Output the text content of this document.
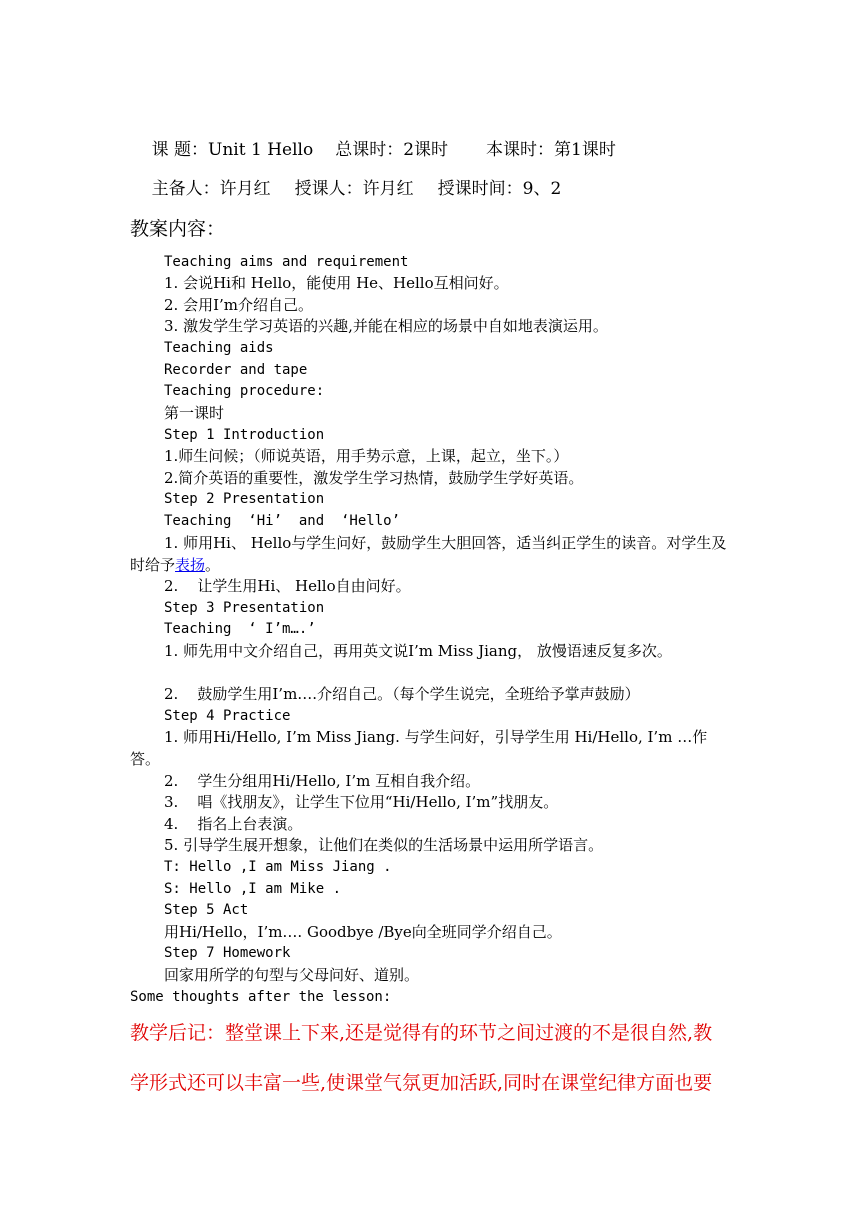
课 题：Unit 1 Hello 总课时：2课时 本课时：第1课时

主备人：许月红 授课人：许月红 授课时间：9、2

教案内容：
Teaching aims and requirement
1. 会说Hi和 Hello，能使用 He、Hello互相问好。
2. 会用I’m介绍自己。
3. 激发学生学习英语的兴趣,并能在相应的场景中自如地表演运用。
Teaching aids
Recorder and tape
Teaching procedure:
第一课时
Step 1 Introduction
1.师生问候；（师说英语，用手势示意，上课，起立，坐下。）
2.简介英语的重要性，激发学生学习热情，鼓励学生学好英语。
Step 2 Presentation
Teaching  ‘Hi’  and  ‘Hello’
1. 师用Hi、 Hello与学生问好，鼓励学生大胆回答，适当纠正学生的读音。对学生及时给予表扬。
2.    让学生用Hi、 Hello自由问好。
Step 3 Presentation
Teaching  ‘ I’m….’
1. 师先用中文介绍自己，再用英文说I’m Miss Jiang， 放慢语速反复多次。
2.    鼓励学生用I’m….介绍自己。（每个学生说完，全班给予掌声鼓励）
Step 4 Practice
1. 师用Hi/Hello, I’m Miss Jiang. 与学生问好，引导学生用 Hi/Hello, I’m …作答。
2.    学生分组用Hi/Hello, I’m 互相自我介绍。
3.    唱《找朋友》，让学生下位用“Hi/Hello, I’m”找朋友。
4.    指名上台表演。
5. 引导学生展开想象，让他们在类似的生活场景中运用所学语言。
T: Hello ,I am Miss Jiang .
S: Hello ,I am Mike .
Step 5 Act
用Hi/Hello，I’m…. Goodbye /Bye向全班同学介绍自己。
Step 7 Homework
回家用所学的句型与父母问好、道别。
Some thoughts after the lesson:
教学后记：整堂课上下来,还是觉得有的环节之间过渡的不是很自然,教
学形式还可以丰富一些,使课堂气氛更加活跃,同时在课堂纪律方面也要
